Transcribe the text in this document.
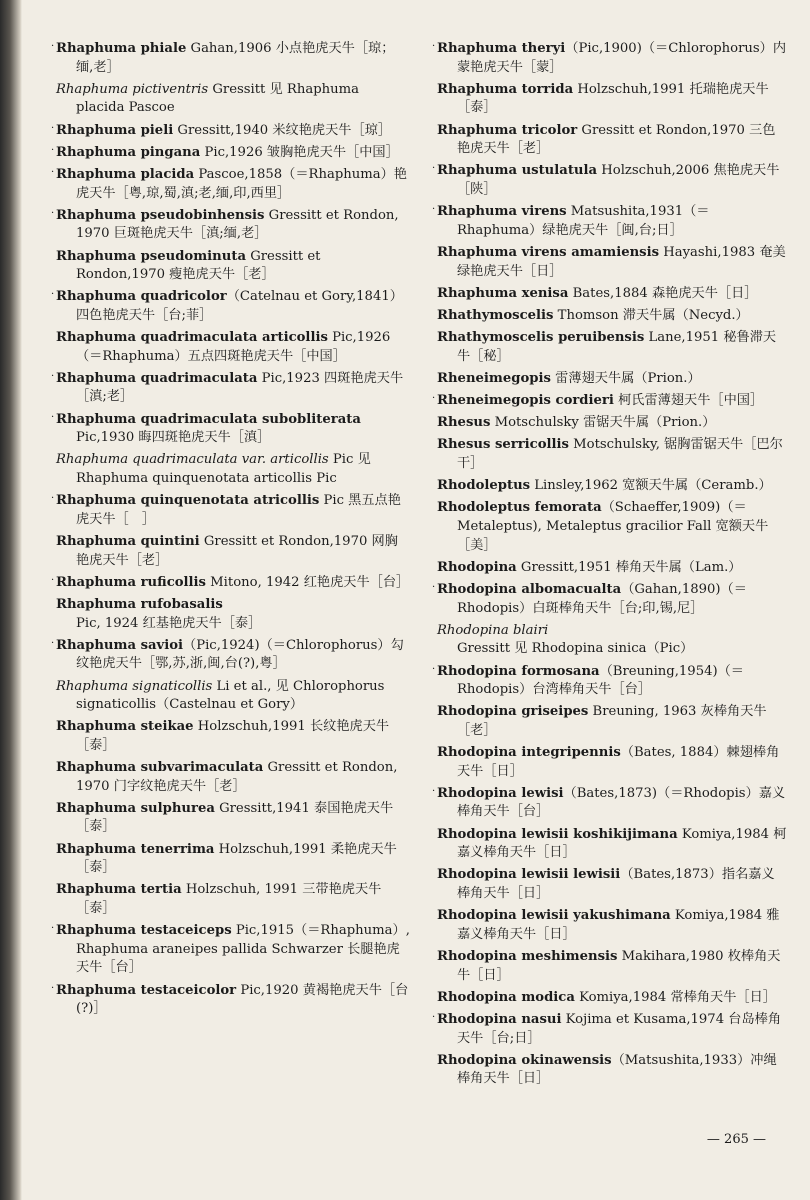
· Rhaphuma phiale Gahan,1906 小点艳虎天牛［琼；缅,老］
Rhaphuma pictiventris Gressitt 见 Rhaphuma placida Pascoe
· Rhaphuma pieli Gressitt,1940 米纹艳虎天牛［琼］
· Rhaphuma pingana Pic,1926 皱胸艳虎天牛［中国］
· Rhaphuma placida Pascoe,1858（＝Rhaphuma）艳虎天牛［粤,琼,蜀,滇;老,缅,印,西里］
· Rhaphuma pseudobinhensis Gressitt et Rondon, 1970 巨斑艳虎天牛［滇;缅,老］
Rhaphuma pseudominuta Gressitt et Rondon,1970 瘦艳虎天牛［老］
· Rhaphuma quadricolor（Catelnau et Gory,1841）四色艳虎天牛［台;菲］
Rhaphuma quadrimaculata articollis Pic,1926（＝Rhaphuma）五点四斑艳虎天牛［中国］
· Rhaphuma quadrimaculata Pic,1923 四斑艳虎天牛［滇;老］
· Rhaphuma quadrimaculata subobliterata Pic,1930 晦四斑艳虎天牛［滇］
Rhaphuma quadrimaculata var. articollis Pic 见 Rhaphuma quinquenotata articollis Pic
· Rhaphuma quinquenotata atricollis Pic 黑五点艳虎天牛［　］
Rhaphuma quintini Gressitt et Rondon,1970 网胸艳虎天牛［老］
· Rhaphuma ruficollis Mitono, 1942 红艳虎天牛［台］
Rhaphuma rufobasalis Pic, 1924 红基艳虎天牛［泰］
· Rhaphuma savioi（Pic,1924)（＝Chlorophorus）勾纹艳虎天牛［鄂,苏,浙,闽,台(?),粤］
Rhaphuma signaticollis Li et al., 见 Chlorophorus signaticollis（Castelnau et Gory）
Rhaphuma steikae Holzschuh,1991 长纹艳虎天牛［泰］
Rhaphuma subvarimaculata Gressitt et Rondon, 1970 门字纹艳虎天牛［老］
Rhaphuma sulphurea Gressitt,1941 泰国艳虎天牛［泰］
Rhaphuma tenerrima Holzschuh,1991 柔艳虎天牛［泰］
Rhaphuma tertia Holzschuh, 1991 三带艳虎天牛［泰］
· Rhaphuma testaceiceps Pic,1915（＝Rhaphuma）, Rhaphuma araneipes pallida Schwarzer 长腿艳虎天牛［台］
· Rhaphuma testaceicolor Pic,1920 黄褐艳虎天牛［台(?)］
· Rhaphuma theryi（Pic,1900)（＝Chlorophorus）内蒙艳虎天牛［蒙］
Rhaphuma torrida Holzschuh,1991 托瑞艳虎天牛［泰］
Rhaphuma tricolor Gressitt et Rondon,1970 三色艳虎天牛［老］
· Rhaphuma ustulatula Holzschuh,2006 焦艳虎天牛［陕］
· Rhaphuma virens Matsushita,1931（＝Rhaphuma）绿艳虎天牛［闽,台;日］
Rhaphuma virens amamiensis Hayashi,1983 奄美绿艳虎天牛［日］
Rhaphuma xenisa Bates,1884 森艳虎天牛［日］
Rhathymoscelis Thomson 滞天牛属（Necyd.）
Rhathymoscelis peruibensis Lane,1951 秘鲁滞天牛［秘］
Rheneimegopis 雷薄翅天牛属（Prion.）
· Rheneimegopis cordieri 柯氏雷薄翅天牛［中国］
Rhesus Motschulsky 雷锯天牛属（Prion.）
Rhesus serricollis Motschulsky, 锯胸雷锯天牛［巴尔干］
Rhodoleptus Linsley,1962 宽额天牛属（Ceramb.）
Rhodoleptus femorata（Schaeffer,1909)（＝Metaleptus), Metaleptus gracilior Fall 宽额天牛［美］
Rhodopina Gressitt,1951 棒角天牛属（Lam.）
· Rhodopina albomacualta（Gahan,1890)（＝Rhodopis）白斑棒角天牛［台;印,锡,尼］
Rhodopina blairi Gressitt 见 Rhodopina sinica（Pic）
· Rhodopina formosana（Breuning,1954)（＝Rhodopis）台湾棒角天牛［台］
Rhodopina griseipes Breuning, 1963 灰棒角天牛［老］
Rhodopina integripennis（Bates, 1884）棘翅棒角天牛［日］
· Rhodopina lewisi（Bates,1873)（＝Rhodopis）嘉义棒角天牛［台］
Rhodopina lewisii koshikijimana Komiya,1984 柯嘉义棒角天牛［日］
Rhodopina lewisii lewisii（Bates,1873）指名嘉义棒角天牛［日］
Rhodopina lewisii yakushimana Komiya,1984 雅嘉义棒角天牛［日］
Rhodopina meshimensis Makihara,1980 枚棒角天牛［日］
Rhodopina modica Komiya,1984 常棒角天牛［日］
· Rhodopina nasui Kojima et Kusama,1974 台岛棒角天牛［台;日］
Rhodopina okinawensis（Matsushita,1933）冲绳棒角天牛［日］
— 265 —
